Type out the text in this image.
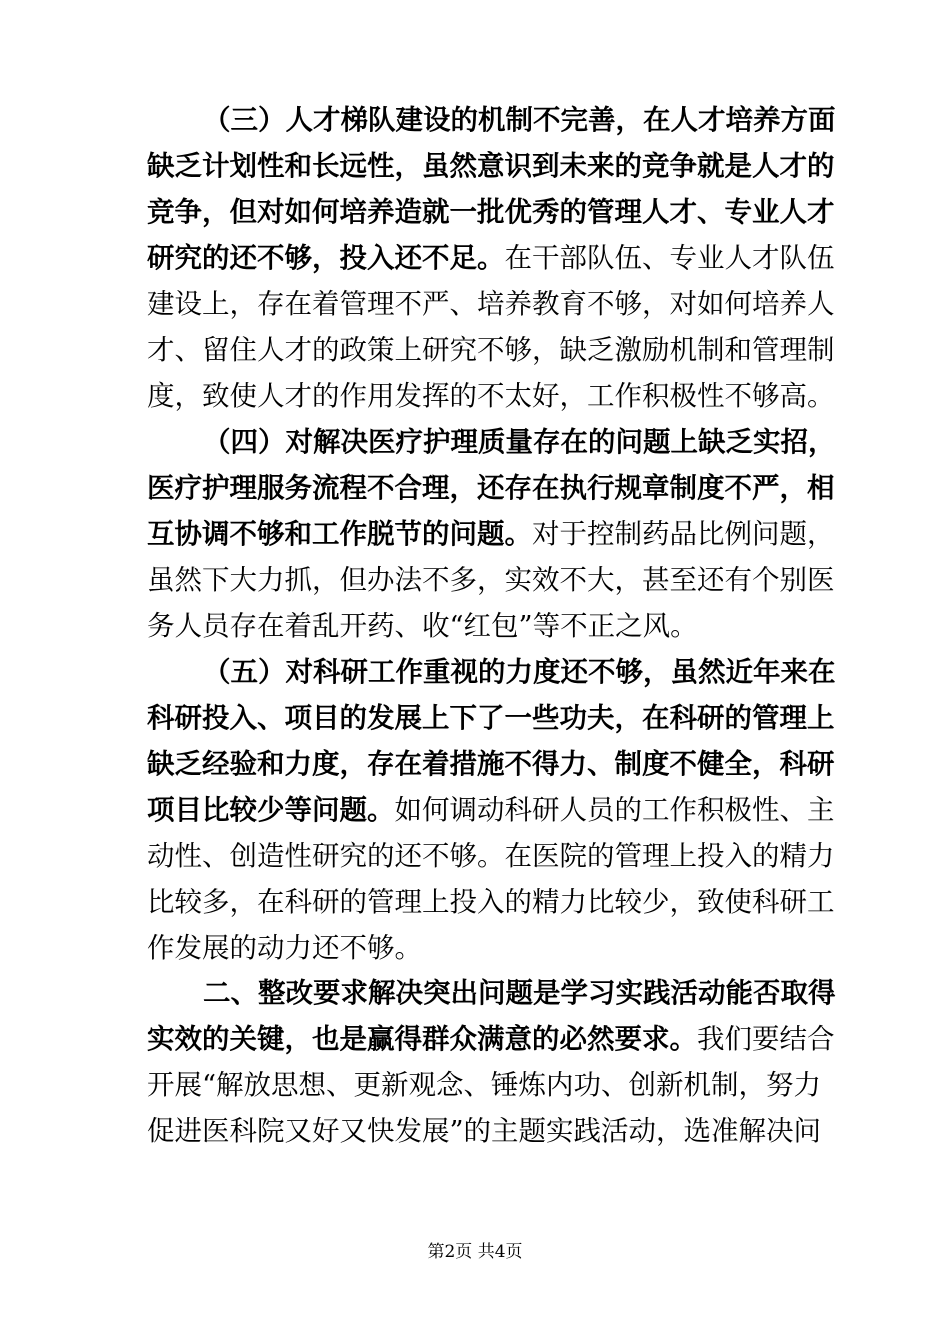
（三）人才梯队建设的机制不完善，在人才培养方面
缺乏计划性和长远性，虽然意识到未来的竞争就是人才的
竞争，但对如何培养造就一批优秀的管理人才、专业人才
研究的还不够，投入还不足。在干部队伍、专业人才队伍
建设上，存在着管理不严、培养教育不够，对如何培养人
才、留住人才的政策上研究不够，缺乏激励机制和管理制
度，致使人才的作用发挥的不太好，工作积极性不够高。
（四）对解决医疗护理质量存在的问题上缺乏实招，
医疗护理服务流程不合理，还存在执行规章制度不严，相
互协调不够和工作脱节的问题。对于控制药品比例问题，
虽然下大力抓，但办法不多，实效不大，甚至还有个别医
务人员存在着乱开药、收“红包”等不正之风。
（五）对科研工作重视的力度还不够，虽然近年来在
科研投入、项目的发展上下了一些功夫，在科研的管理上
缺乏经验和力度，存在着措施不得力、制度不健全，科研
项目比较少等问题。如何调动科研人员的工作积极性、主
动性、创造性研究的还不够。在医院的管理上投入的精力
比较多，在科研的管理上投入的精力比较少，致使科研工
作发展的动力还不够。
二、整改要求解决突出问题是学习实践活动能否取得
实效的关键，也是赢得群众满意的必然要求。我们要结合
开展“解放思想、更新观念、锤炼内功、创新机制，努力
促进医科院又好又快发展”的主题实践活动，选准解决问
第2页 共4页
